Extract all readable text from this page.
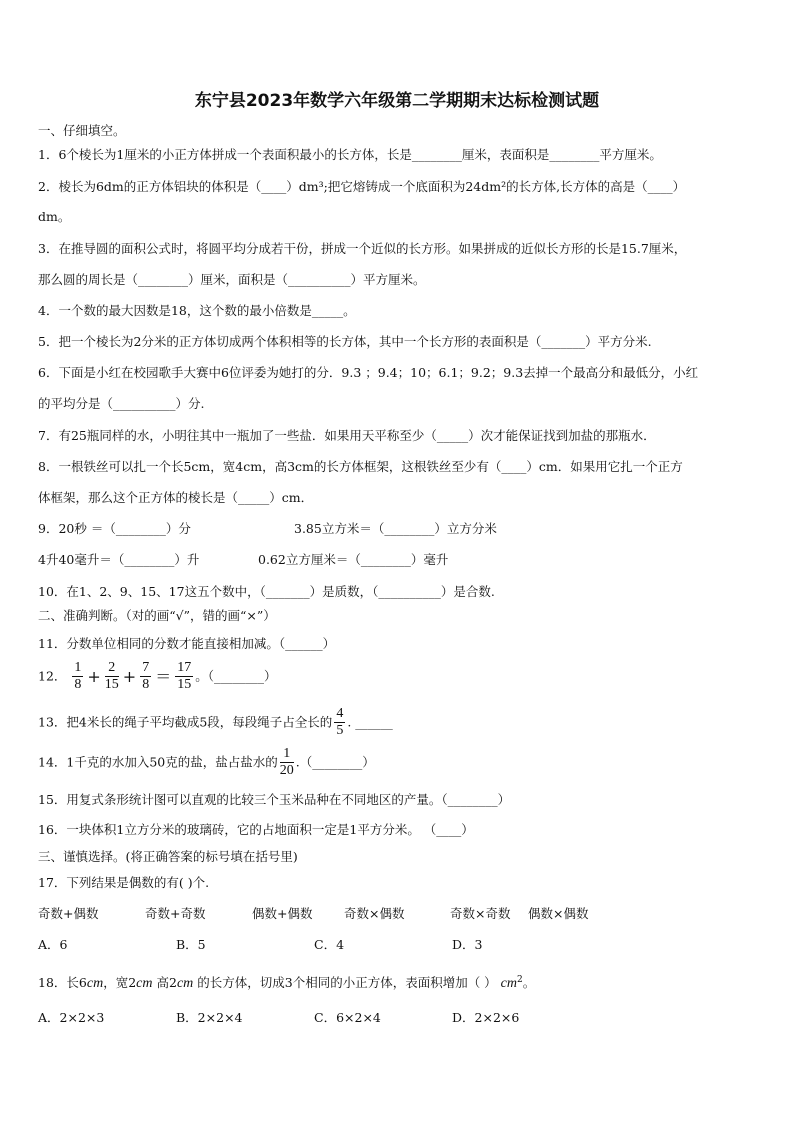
东宁县2023年数学六年级第二学期期末达标检测试题
一、仔细填空。
1．6个棱长为1厘米的小正方体拼成一个表面积最小的长方体，长是________厘米，表面积是________平方厘米。
2．棱长为6dm的正方体铝块的体积是（____）dm³;把它熔铸成一个底面积为24dm²的长方体,长方体的高是（____）
dm。
3．在推导圆的面积公式时，将圆平均分成若干份，拼成一个近似的长方形。如果拼成的近似长方形的长是15.7厘米，
那么圆的周长是（________）厘米，面积是（__________）平方厘米。
4．一个数的最大因数是18，这个数的最小倍数是_____。
5．把一个棱长为2分米的正方体切成两个体积相等的长方体，其中一个长方形的表面积是（_______）平方分米.
6．下面是小红在校园歌手大赛中6位评委为她打的分．9.3 ；9.4；10；6.1；9.2；9.3去掉一个最高分和最低分，小红
的平均分是（__________）分.
7．有25瓶同样的水，小明往其中一瓶加了一些盐．如果用天平称至少（_____）次才能保证找到加盐的那瓶水．
8．一根铁丝可以扎一个长5cm，宽4cm，高3cm的长方体框架，这根铁丝至少有（____）cm．如果用它扎一个正方
体框架，那么这个正方体的棱长是（_____）cm．
9．20秒 ＝（________）分	3.85立方米＝（________）立方分米
4升40毫升＝（________）升	0.62立方厘米＝（________）毫升
10．在1、2、9、15、17这五个数中，（_______）是质数，（__________）是合数.
二、准确判断。（对的画“√”，错的画“×”）
11．分数单位相同的分数才能直接相加减。（______）
12． $\frac{1}{8} + \frac{2}{15} + \frac{7}{8} = \frac{17}{15}$ 。（________）
13．把4米长的绳子平均截成5段，每段绳子占全长的 $\frac{4}{5}$ . ______
14．1千克的水加入50克的盐，盐占盐水的 $\frac{1}{20}$ .（________）
15．用复式条形统计图可以直观的比较三个玉米品种在不同地区的产量。（________）
16．一块体积1立方分米的玻璃砖，它的占地面积一定是1平方分米。 （____）
三、谨慎选择。(将正确答案的标号填在括号里)
17．下列结果是偶数的有( )个.
奇数+偶数	奇数+奇数	偶数+偶数	奇数×偶数	奇数×奇数 偶数×偶数
A．6	B．5	C．4	D．3
18．长6cm，宽2cm 高2cm 的长方体，切成3个相同的小正方体，表面积增加（ ） $cm^2$。
A．2×2×3	B．2×2×4	C．6×2×4	D．2×2×6
